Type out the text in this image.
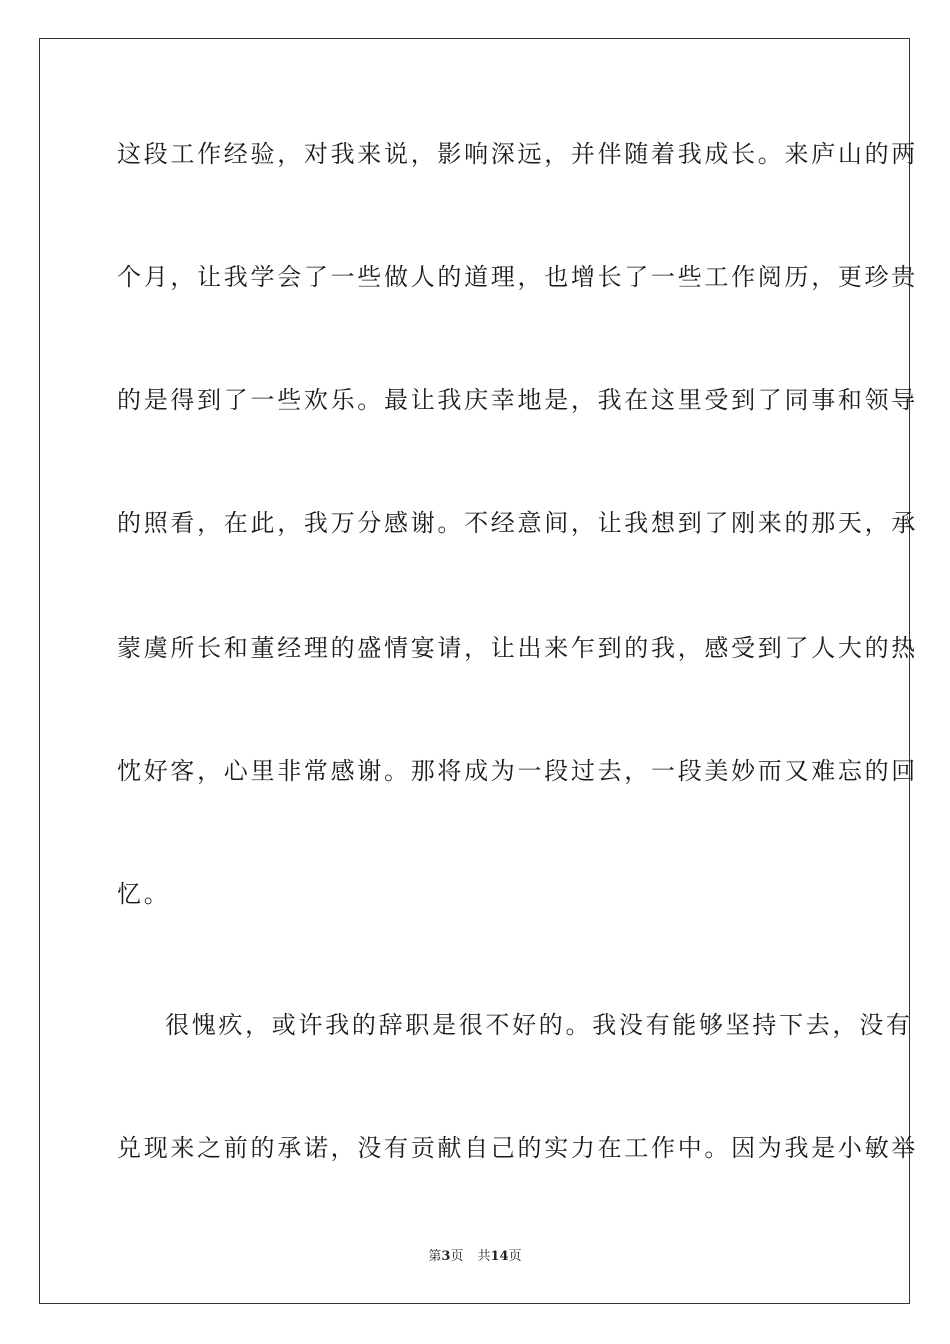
这段工作经验，对我来说，影响深远，并伴随着我成长。来庐山的两
个月，让我学会了一些做人的道理，也增长了一些工作阅历，更珍贵
的是得到了一些欢乐。最让我庆幸地是，我在这里受到了同事和领导
的照看，在此，我万分感谢。不经意间，让我想到了刚来的那天，承
蒙虞所长和董经理的盛情宴请，让出来乍到的我，感受到了人大的热
忱好客，心里非常感谢。那将成为一段过去，一段美妙而又难忘的回
忆。
很愧疚，或许我的辞职是很不好的。我没有能够坚持下去，没有
兑现来之前的承诺，没有贡献自己的实力在工作中。因为我是小敏举
第3页 共14页
